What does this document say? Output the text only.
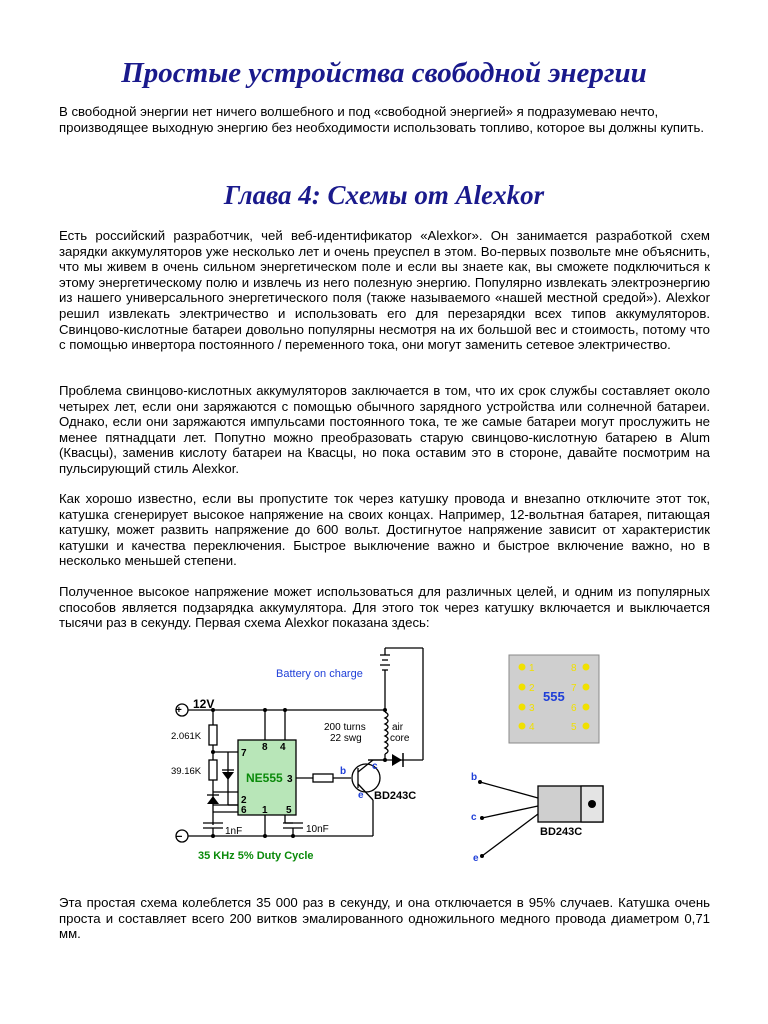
Простые устройства свободной энергии

В свободной энергии нет ничего волшебного и под «свободной энергией» я подразумеваю нечто, производящее выходную энергию без необходимости использовать топливо, которое вы должны купить.

Глава 4: Схемы от Alexkor

Есть российский разработчик, чей веб-идентификатор «Alexkor». Он занимается разработкой схем зарядки аккумуляторов уже несколько лет и очень преуспел в этом. Во-первых позвольте мне объяснить, что мы живем в очень сильном энергетическом поле и если вы знаете как, вы сможете подключиться к этому энергетическому полю и извлечь из него полезную энергию. Популярно извлекать электроэнергию из нашего универсального энергетического поля (также называемого «нашей местной средой»). Alexkor решил извлекать электричество и использовать его для перезарядки всех типов аккумуляторов. Свинцово-кислотные батареи довольно популярны несмотря на их большой вес и стоимость, потому что с помощью инвертора постоянного / переменного тока, они могут заменить сетевое электричество.

Проблема свинцово-кислотных аккумуляторов заключается в том, что их срок службы составляет около четырех лет, если они заряжаются с помощью обычного зарядного устройства или солнечной батареи. Однако, если они заряжаются импульсами постоянного тока, те же самые батареи могут прослужить не менее пятнадцати лет. Попутно можно преобразовать старую свинцово-кислотную батарею в Alum (Квасцы), заменив кислоту батареи на Квасцы, но пока оставим это в стороне, давайте посмотрим на пульсирующий стиль Alexkor.

Как хорошо известно, если вы пропустите ток через катушку провода и внезапно отключите этот ток, катушка сгенерирует высокое напряжение на своих концах. Например, 12-вольтная батарея, питающая катушку, может развить напряжение до 600 вольт. Достигнутое напряжение зависит от характеристик катушки и качества переключения. Быстрое выключение важно и быстрое включение важно, но в несколько меньшей степени.

Полученное высокое напряжение может использоваться для различных целей, и одним из популярных способов является подзарядка аккумулятора. Для этого ток через катушку включается и выключается тысячи раз в секунду. Первая схема Alexkor показана здесь:

Battery on charge
+ 12V
−
2.061K
39.16K
8 4
7
NE555 3
2
6 1 5
200 turns
22 swg
air
core
b	c
e BD243C
1nF	10nF
35 KHz 5% Duty Cycle
1
2
3
4
8
7
6
5
555
b
c
e
BD243C

Эта простая схема колеблется 35 000 раз в секунду, и она отключается в 95% случаев. Катушка очень проста и составляет всего 200 витков эмалированного одножильного медного провода диаметром 0,71 мм.
